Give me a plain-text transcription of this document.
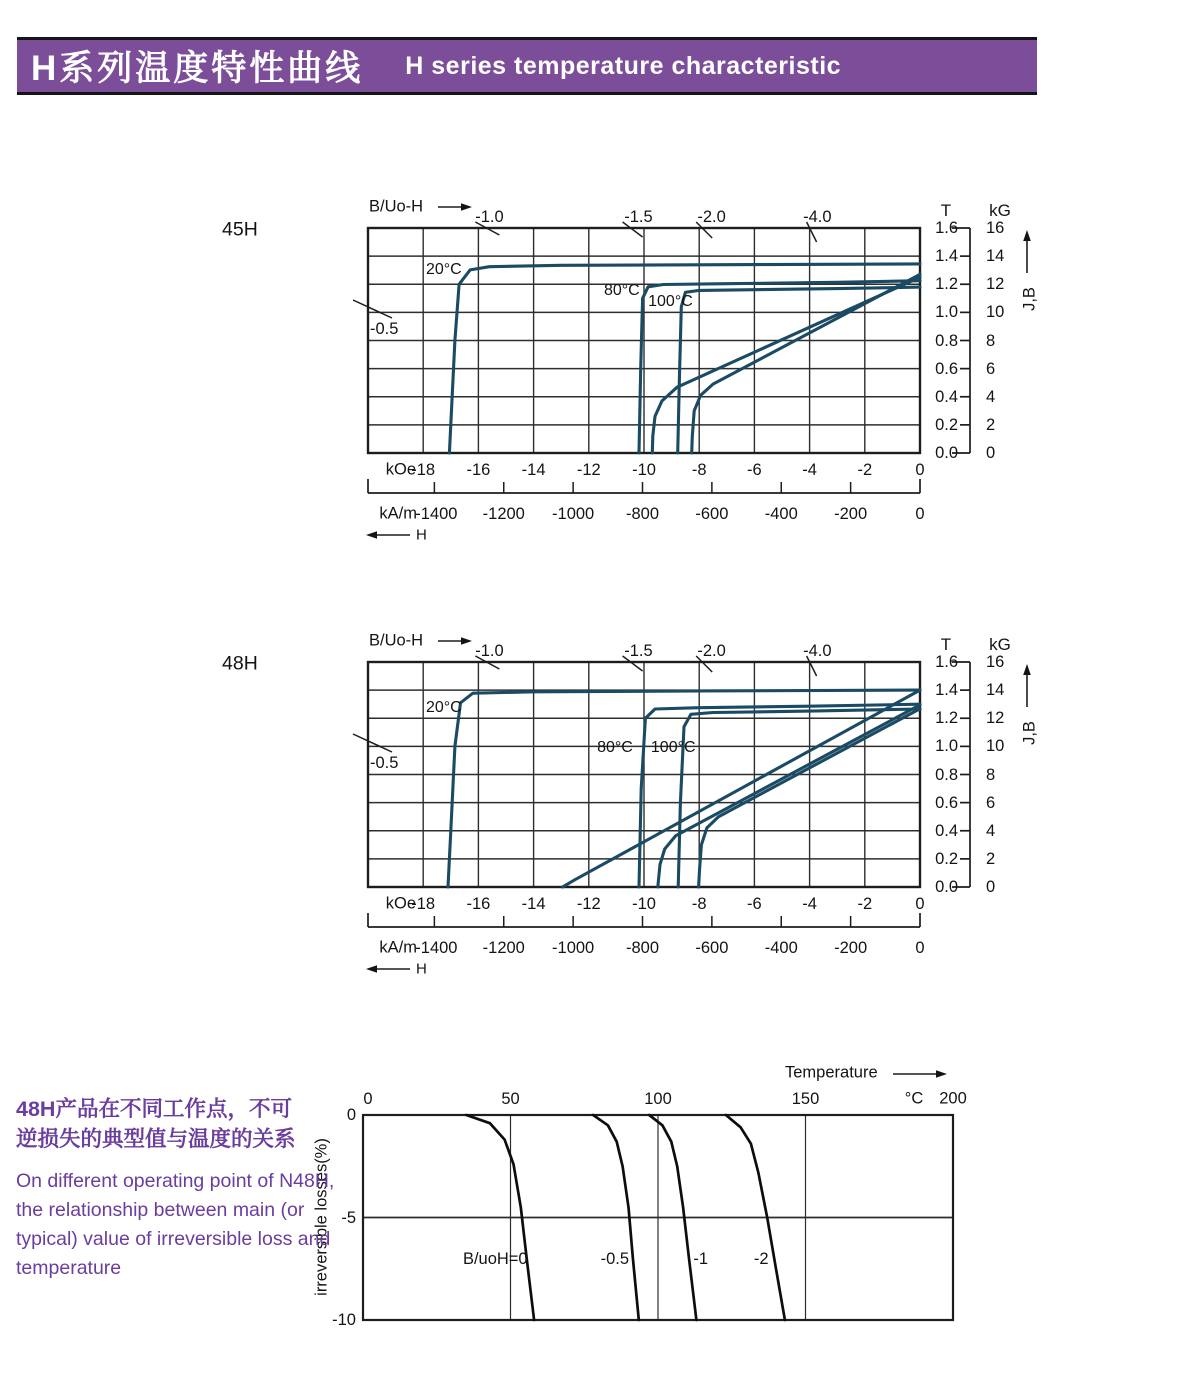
H系列温度特性曲线 H series temperature characteristic
45H
B/Uo-H	T kG
J,B
kOe
kA/m
H
-1.0	-1.5	-2.0	-4.0
-0.5
20°C
80°C
100°C
-18 -16 -14 -12 -10 -8 -6 -4 -2	0
-1400 -1200 -1000 -800 -600 -400 -200	0
1.6
1.4
1.2
1.0
0.8
0.6
0.4
0.2
0.0
16
14
12
10
8
6
4
2
0
48H
B/Uo-H	T kG
J,B
kOe
kA/m
H
-1.0	-1.5	-2.0	-4.0
-0.5
20°C
80°C 100°C
-18 -16 -14 -12 -10 -8 -6 -4 -2	0
-1400 -1200 -1000 -800 -600 -400 -200	0
1.6
1.4
1.2
1.0
0.8
0.6
0.4
0.2
0.0
16
14
12
10
8
6
4
2
0
Temperature
°C 200
irreversible losses(%)	B/uoH=0	-0.5	-1	-2
0	50	100	150
0
-5
-10

48H产品在不同工作点，不可
逆损失的典型值与温度的关系

On different operating point of N48H,
the relationship between main (or
typical) value of irreversible loss and
temperature
